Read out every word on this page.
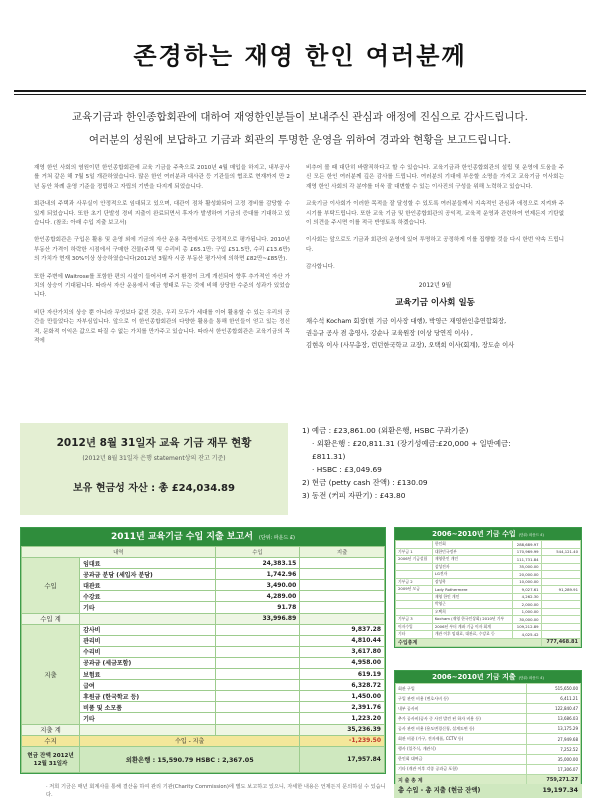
존경하는 재영 한인 여러분께
교육기금과 한인종합회관에 대하여 재영한인분들이 보내주신 관심과 애정에 진심으로 감사드립니다.
여러분의 성원에 보답하고 기금과 회관의 투명한 운영을 위하여 경과와 현황을 보고드립니다.

재영 한인 사회의 염원이던 한인종합회관에 교육 기금을 주축으로 2010년 4월 매입을 하지고, 내부공사를 거쳐 같은 해 7월 5일 개관하였습니다. 많은 한인 여러분과 대사관 등 기관들의 협조로 현재까지 만 2년 동안 차례 운영 기준을 정립하고 자립의 기반을 다지게 되었습니다.

회관내의 주택과 사무실이 안정적으로 임대되고 있으며, 대관이 점차 활성화되어 고정 경비를 감당할 수 있게 되었습니다. 또한 초기 단발성 경비 지출이 완료되면서 후자가 발생하여 기금의 증대를 기대하고 있습니다. (참조: 아래 수입 지출 보고서)

한인종합회관은 구입은 활용 및 운영 외에 기금의 자산 운용 측면에서도 긍정적으로 평가됩니다. 2010년 부동산 가격이 하락한 시점에서 구매한 건물(주택 및 수리비 총 £65.1만: 구입 £51.5만, 수리 £13.6만)의 가치가 현재 30%이상 상승하였습니다(2012년 3월자 시공 부동산 평가서에 의하면 £82만~£85만).

또한 주변에 Waitrose를 포함한 편의 시설이 들어서며 주거 환경이 크게 개선되어 향후 추가적인 자산 가치의 상승이 기대됩니다. 따라서 자산 운용에서 예금 형태로 두는 것에 비해 상당한 수준의 성과가 있었습니다.

비단 자산가치의 상승 뿐 아니라 무엇보다 값진 것은, 우리 모두가 세대를 이어 활용할 수 있는 우리의 공간을 만들었다는 자부심입니다. 앞으로 이 한인종합회관의 다양한 활용을 통해 한인들이 얻고 있는 정신적, 문화적 이익은 값으로 따질 수 없는 가치를 만가주고 있습니다. 따라서 한인종합회관은 교육기금의 목적에

비추어 볼 때 대단히 바람직하다고 할 수 있습니다. 교육기금과 한인종합회관의 설립 및 운영에 도움을 주신 모든 한인 여러분께 깊은 감사를 드립니다. 여러분의 기대에 부응할 소명을 가지고 교육기금 이사회는 재영 한인 사회의 각 분야를 더욱 잘 대변할 수 있는 이사진의 구성을 위해 노력하고 있습니다.

교육기금 이사회가 이러한 목적을 잘 달성할 수 있도록 여러분들께서 지속적인 관심과 애정으로 지켜봐 주시기를 부탁드립니다. 또한 교육 기금 및 한인종합회관의 공익적, 교육적 운영과 관련하여 언제든지 기탄없이 의견을 주시면 이를 적극 반영토록 하겠습니다.

이사회는 앞으로도 기금과 회관의 운영에 있어 투명하고 공정하게 이를 집행할 것을 다시 한번 약속 드립니다.

감사합니다.

2012년 9월
교육기금 이사회 일동
채수석 Kocham 회장(현 기금 이사장 대행), 박영근 재영한인총연합회장,
권응규 공사 겸 총영사, 강순나 교육원장 (이상 당연직 이사) ,
김현옥 이사 (사무총장, 런던한국학교 교장), 오택희 이사(회계), 장도순 이사
2012년 8월 31일자 교육 기금 재무 현황
(2012년 8월 31일자 은행 statement상의 잔고 기준)
보유 현금성 자산 : 총 £24,034.89
1) 예금 : £23,861.00 (외환은행, HSBC 구좌기준)
· 외환은행 : £20,811.31 (장기성예금:£20,000 + 일반예금:£811.31)
· HSBC : £3,049.69
2) 현금 (petty cash 잔액) : £130.09
3) 동전 (커피 자판기) : £43.80
2011년 교육기금 수입 지출 보고서 (단위: 파운드 £)
내역		수입	지출
수입	임대료	24,383.15	
	공과금 분담 (세입자 분담)	1,742.96	
	대관료	3,490.00	
	수강료	4,289.00	
	기타	91.78	
수입 계		33,996.89	
지출	감사비		9,837.28
	관리비		4,810.44
	수리비		3,617.80
	공과금 (세금포함)		4,958.00
	보험료		619.19
	급여		6,328.72
	후원금 (한국학교 등)		1,450.00
	비품 및 소모품		2,391.76
	기타		1,223.20
지출 계			35,236.39
수지	수입 - 지출		-1,239.50
현금 잔액 2012년 12월 31일자	외환은행 : 15,590.79 HSBC : 2,367.05		17,957.84
· 저희 기금은 매년 회계사를 통해 결산을 하여 관리 기관(Charity Commission)에 별도 보고하고 있으니, 자세한 내용은 언제든지 문의하실 수 있습니다.
2006~2010년 기금 수입 (단위: 파운드 £)
	한인회	288,689.97	
기부금 1	대한민국정부	170,969.99	544,121.40
2006년 기금설립	재영한인 개인	111,731.84	
	삼성전자	35,000.00	
	LG전자	20,000.00	
기부금 2	장성학	10,000.00	
2009년 모금	Lady Rothermere	9,027.61	91,289.91
	재영 한인 개인	4,262.30	
	박영근	2,000.00	
	오택희	1,000.00	
기부금 3	Kocham (재영 한국인상회) 2010년 기부	30,000.00	
이자수입	2006년 부터 계좌 기금 이자 회계	109,212.89	
기타	개관 이후 임대료, 대관료, 수강료 등	4,025.42	
수입총계			777,468.81
2006~2010년 기금 지출 (단위: 파운드 £)
회관 구입	515,650.00
구입 관련 비용 (변호사비 등)	6,411.21
내부 공사비	122,840.47
추가 공사비(공사 중 사전 발견 된 하자 비용 등)	13,686.03
공사 관련 비용 (용도변경신청, 설계도면 등)	13,175.29
회관 비품 (가구, 전자제품, CCTV 등)	27,949.68
행사 (입주식, 개관식)	7,252.52
한인회 대여금	35,000.00
기타 (개관 이후 각종 공과금 포함)	17,306.07
지 출 총 계	759,271.27
총 수입 - 총 지출 (현금 잔액)	19,197.34
